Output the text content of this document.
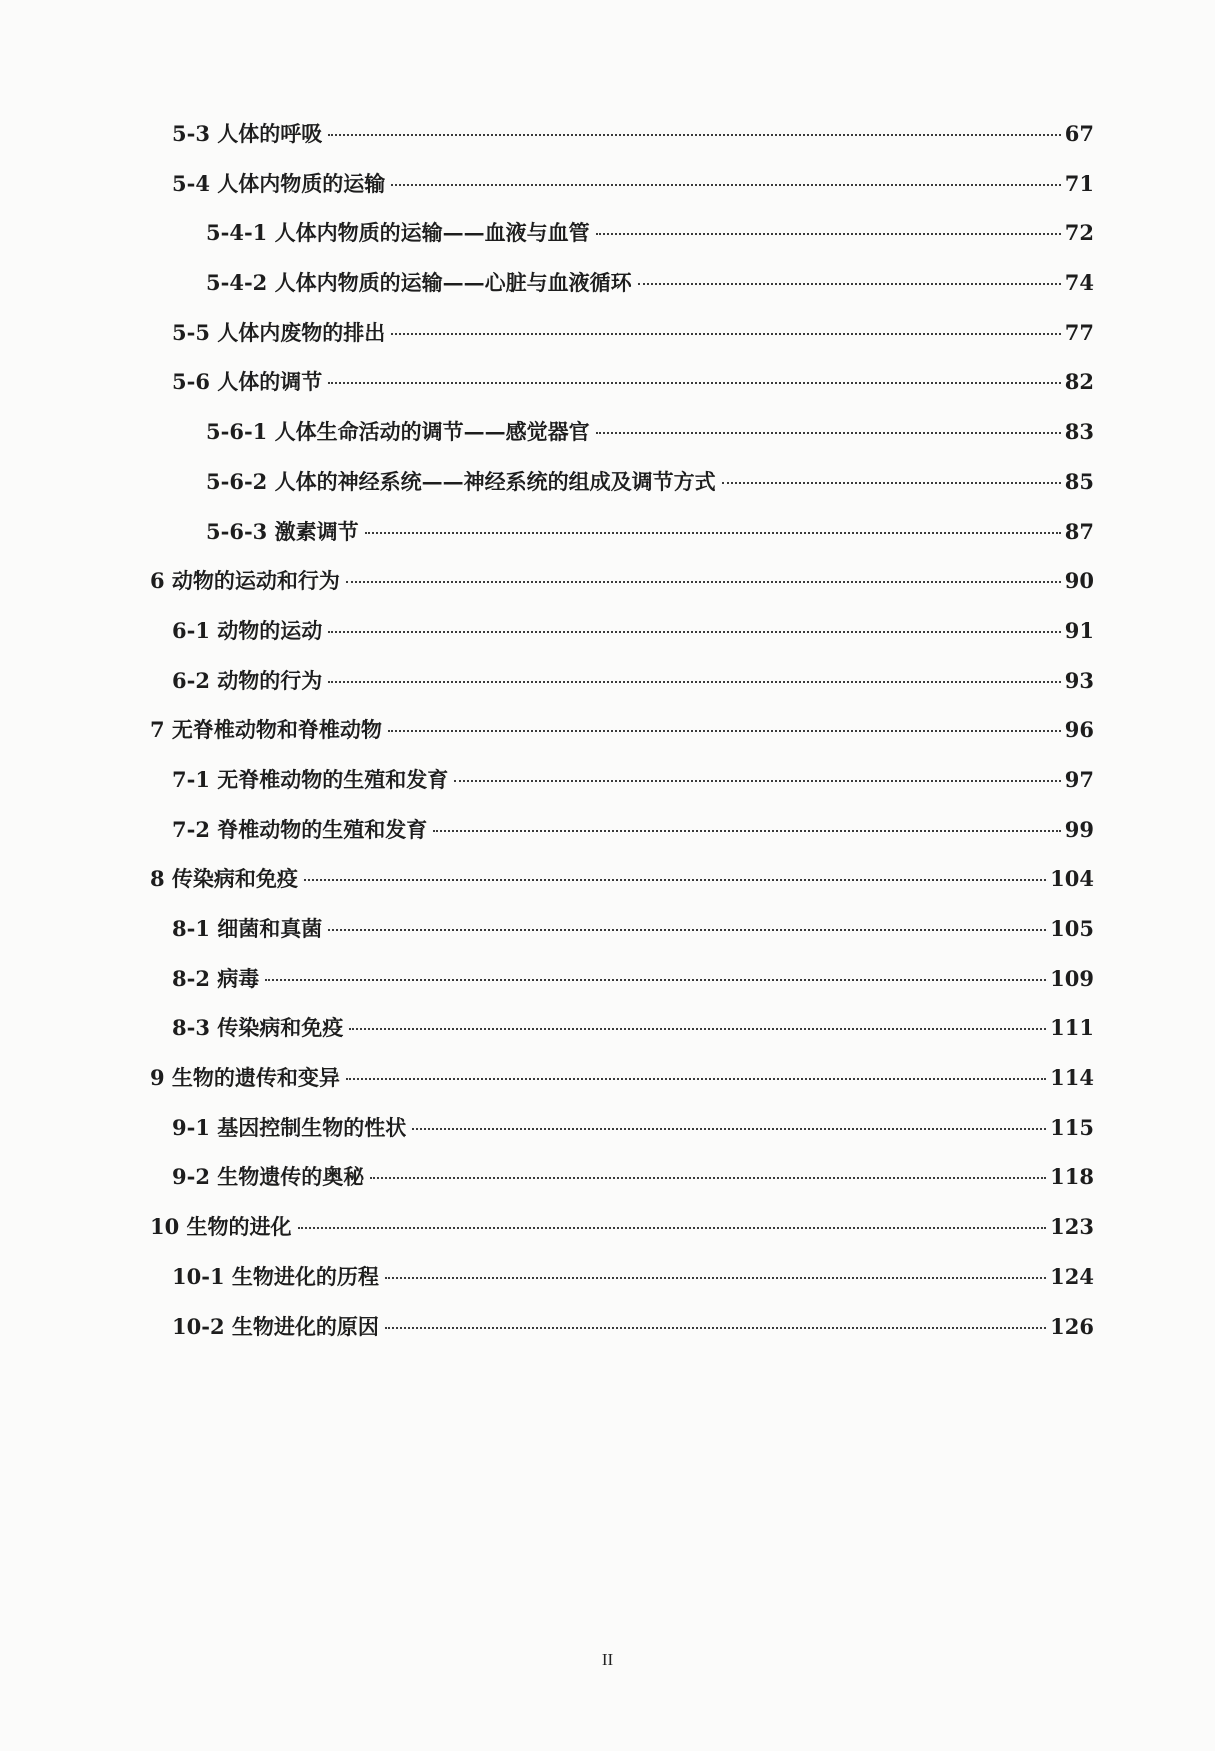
5-3 人体的呼吸	67
5-4 人体内物质的运输	71
5-4-1 人体内物质的运输——血液与血管	72
5-4-2 人体内物质的运输——心脏与血液循环	74
5-5 人体内废物的排出	77
5-6 人体的调节	82
5-6-1 人体生命活动的调节——感觉器官	83
5-6-2 人体的神经系统——神经系统的组成及调节方式	85
5-6-3 激素调节	87
6 动物的运动和行为	90
6-1 动物的运动	91
6-2 动物的行为	93
7 无脊椎动物和脊椎动物	96
7-1 无脊椎动物的生殖和发育	97
7-2 脊椎动物的生殖和发育	99
8 传染病和免疫	104
8-1 细菌和真菌	105
8-2 病毒	109
8-3 传染病和免疫	111
9 生物的遗传和变异	114
9-1 基因控制生物的性状	115
9-2 生物遗传的奥秘	118
10 生物的进化	123
10-1 生物进化的历程	124
10-2 生物进化的原因	126
II
